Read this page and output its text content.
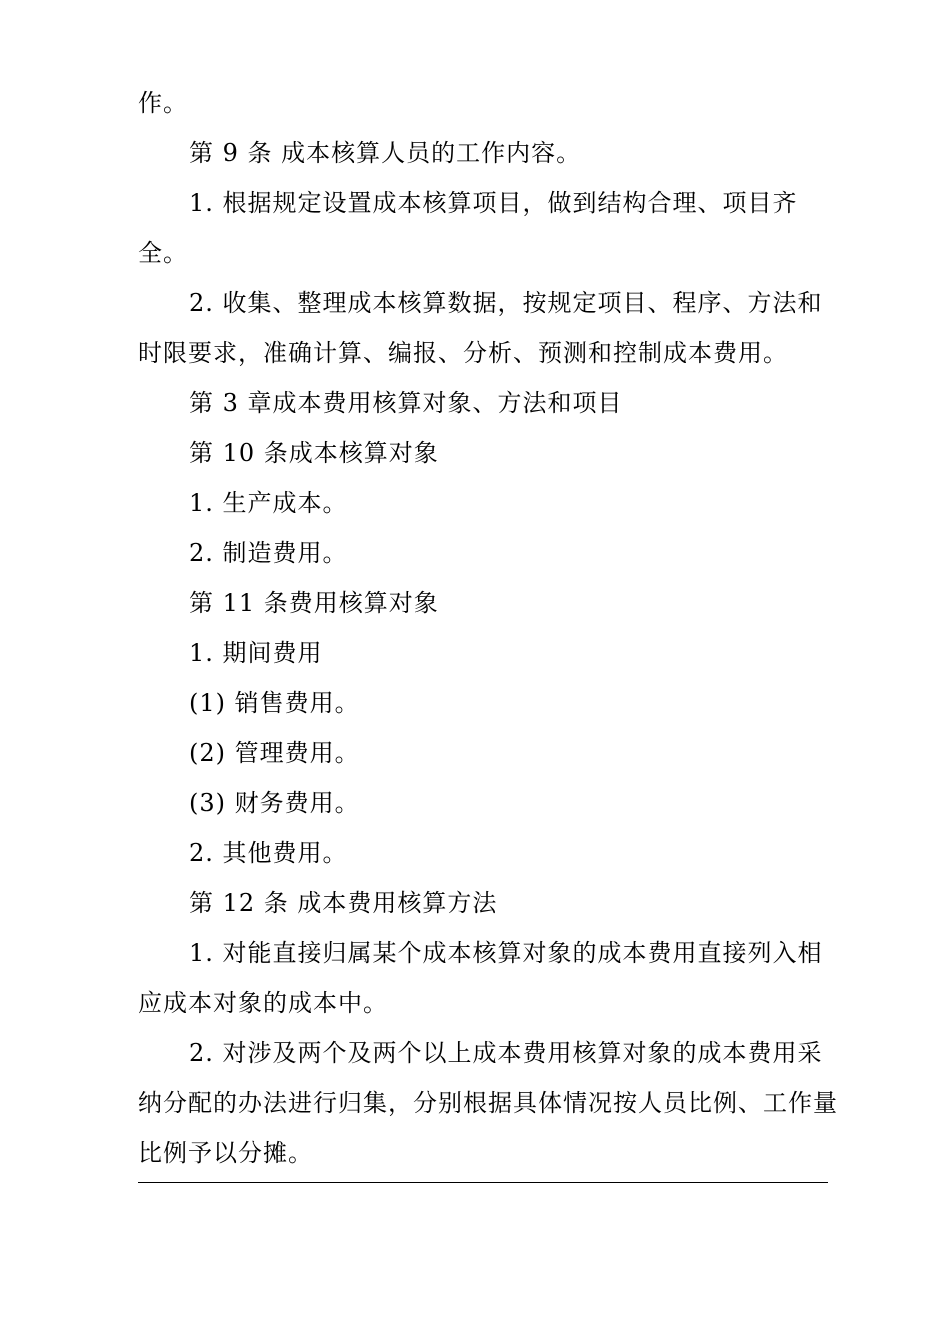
作。
第 9 条 成本核算人员的工作内容。
1. 根据规定设置成本核算项目，做到结构合理、项目齐
全。
2. 收集、整理成本核算数据，按规定项目、程序、方法和
时限要求，准确计算、编报、分析、预测和控制成本费用。
第 3 章成本费用核算对象、方法和项目
第 10 条成本核算对象
1. 生产成本。
2. 制造费用。
第 11 条费用核算对象
1. 期间费用
(1) 销售费用。
(2) 管理费用。
(3) 财务费用。
2. 其他费用。
第 12 条 成本费用核算方法
1. 对能直接归属某个成本核算对象的成本费用直接列入相
应成本对象的成本中。
2. 对涉及两个及两个以上成本费用核算对象的成本费用采
纳分配的办法进行归集，分别根据具体情况按人员比例、工作量
比例予以分摊。
